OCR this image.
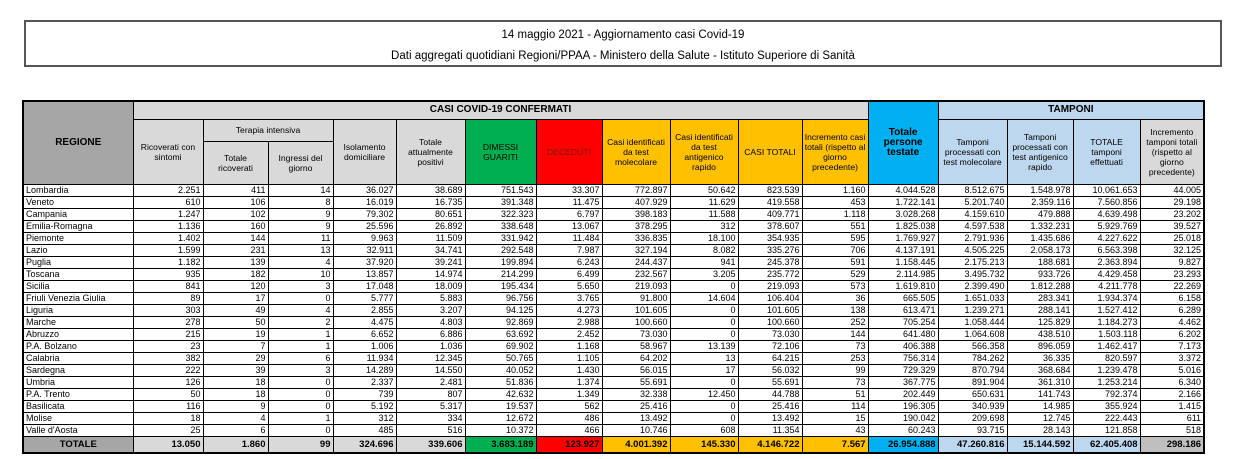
14 maggio 2021 - Aggiornamento casi Covid-19

Dati aggregati quotidiani Regioni/PPAA - Ministero della Salute - Istituto Superiore di Sanità

REGIONE	CASI COVID-19 CONFERMATI											Totale persone testate	TAMPONI			
	Ricoverati con sintomi	Terapia intensiva		Isolamento domiciliare	Totale attualmente positivi	DIMESSI GUARITI	DECEDUTI	Casi identificati da test molecolare	Casi identificati da test antigenico rapido	CASI TOTALI	Incremento casi totali (rispetto al giorno precedente)		Tamponi processati con test molecolare	Tamponi processati con test antigenico rapido	TOTALE tamponi effettuati	Incremento tamponi totali (rispetto al giorno precedente)
		Totale ricoverati	Ingressi del giorno													
Lombardia	2.251	411	14	36.027	38.689	751.543	33.307	772.897	50.642	823.539	1.160	4.044.528	8.512.675	1.548.978	10.061.653	44.005
Veneto	610	106	8	16.019	16.735	391.348	11.475	407.929	11.629	419.558	453	1.722.141	5.201.740	2.359.116	7.560.856	29.198
Campania	1.247	102	9	79.302	80.651	322.323	6.797	398.183	11.588	409.771	1.118	3.028.268	4.159.610	479.888	4.639.498	23.202
Emilia-Romagna	1.136	160	9	25.596	26.892	338.648	13.067	378.295	312	378.607	551	1.825.038	4.597.538	1.332.231	5.929.769	39.527
Piemonte	1.402	144	11	9.963	11.509	331.942	11.484	336.835	18.100	354.935	595	1.769.927	2.791.936	1.435.686	4.227.622	25.018
Lazio	1.599	231	13	32.911	34.741	292.548	7.987	327.194	8.082	335.276	706	4.137.191	4.505.225	2.058.173	6.563.398	32.125
Puglia	1.182	139	4	37.920	39.241	199.894	6.243	244.437	941	245.378	591	1.158.445	2.175.213	188.681	2.363.894	9.827
Toscana	935	182	10	13.857	14.974	214.299	6.499	232.567	3.205	235.772	529	2.114.985	3.495.732	933.726	4.429.458	23.293
Sicilia	841	120	3	17.048	18.009	195.434	5.650	219.093	0	219.093	573	1.619.810	2.399.490	1.812.288	4.211.778	22.269
Friuli Venezia Giulia	89	17	0	5.777	5.883	96.756	3.765	91.800	14.604	106.404	36	665.505	1.651.033	283.341	1.934.374	6.158
Liguria	303	49	4	2.855	3.207	94.125	4.273	101.605	0	101.605	138	613.471	1.239.271	288.141	1.527.412	6.289
Marche	278	50	2	4.475	4.803	92.869	2.988	100.660	0	100.660	252	705.254	1.058.444	125.829	1.184.273	4.462
Abruzzo	215	19	1	6.652	6.886	63.692	2.452	73.030	0	73.030	144	641.480	1.064.608	438.510	1.503.118	6.202
P.A. Bolzano	23	7	1	1.006	1.036	69.902	1.168	58.967	13.139	72.106	73	406.388	566.358	896.059	1.462.417	7.173
Calabria	382	29	6	11.934	12.345	50.765	1.105	64.202	13	64.215	253	756.314	784.262	36.335	820.597	3.372
Sardegna	222	39	3	14.289	14.550	40.052	1.430	56.015	17	56.032	99	729.329	870.794	368.684	1.239.478	5.016
Umbria	126	18	0	2.337	2.481	51.836	1.374	55.691	0	55.691	73	367.775	891.904	361.310	1.253.214	6.340
P.A. Trento	50	18	0	739	807	42.632	1.349	32.338	12.450	44.788	51	202.449	650.631	141.743	792.374	2.166
Basilicata	116	9	0	5.192	5.317	19.537	562	25.416	0	25.416	114	196.305	340.939	14.985	355.924	1.415
Molise	18	4	1	312	334	12.672	486	13.492	0	13.492	15	190.042	209.698	12.745	222.443	611
Valle d'Aosta	25	6	0	485	516	10.372	466	10.746	608	11.354	43	60.243	93.715	28.143	121.858	518
TOTALE	13.050	1.860	99	324.696	339.606	3.683.189	123.927	4.001.392	145.330	4.146.722	7.567	26.954.888	47.260.816	15.144.592	62.405.408	298.186
